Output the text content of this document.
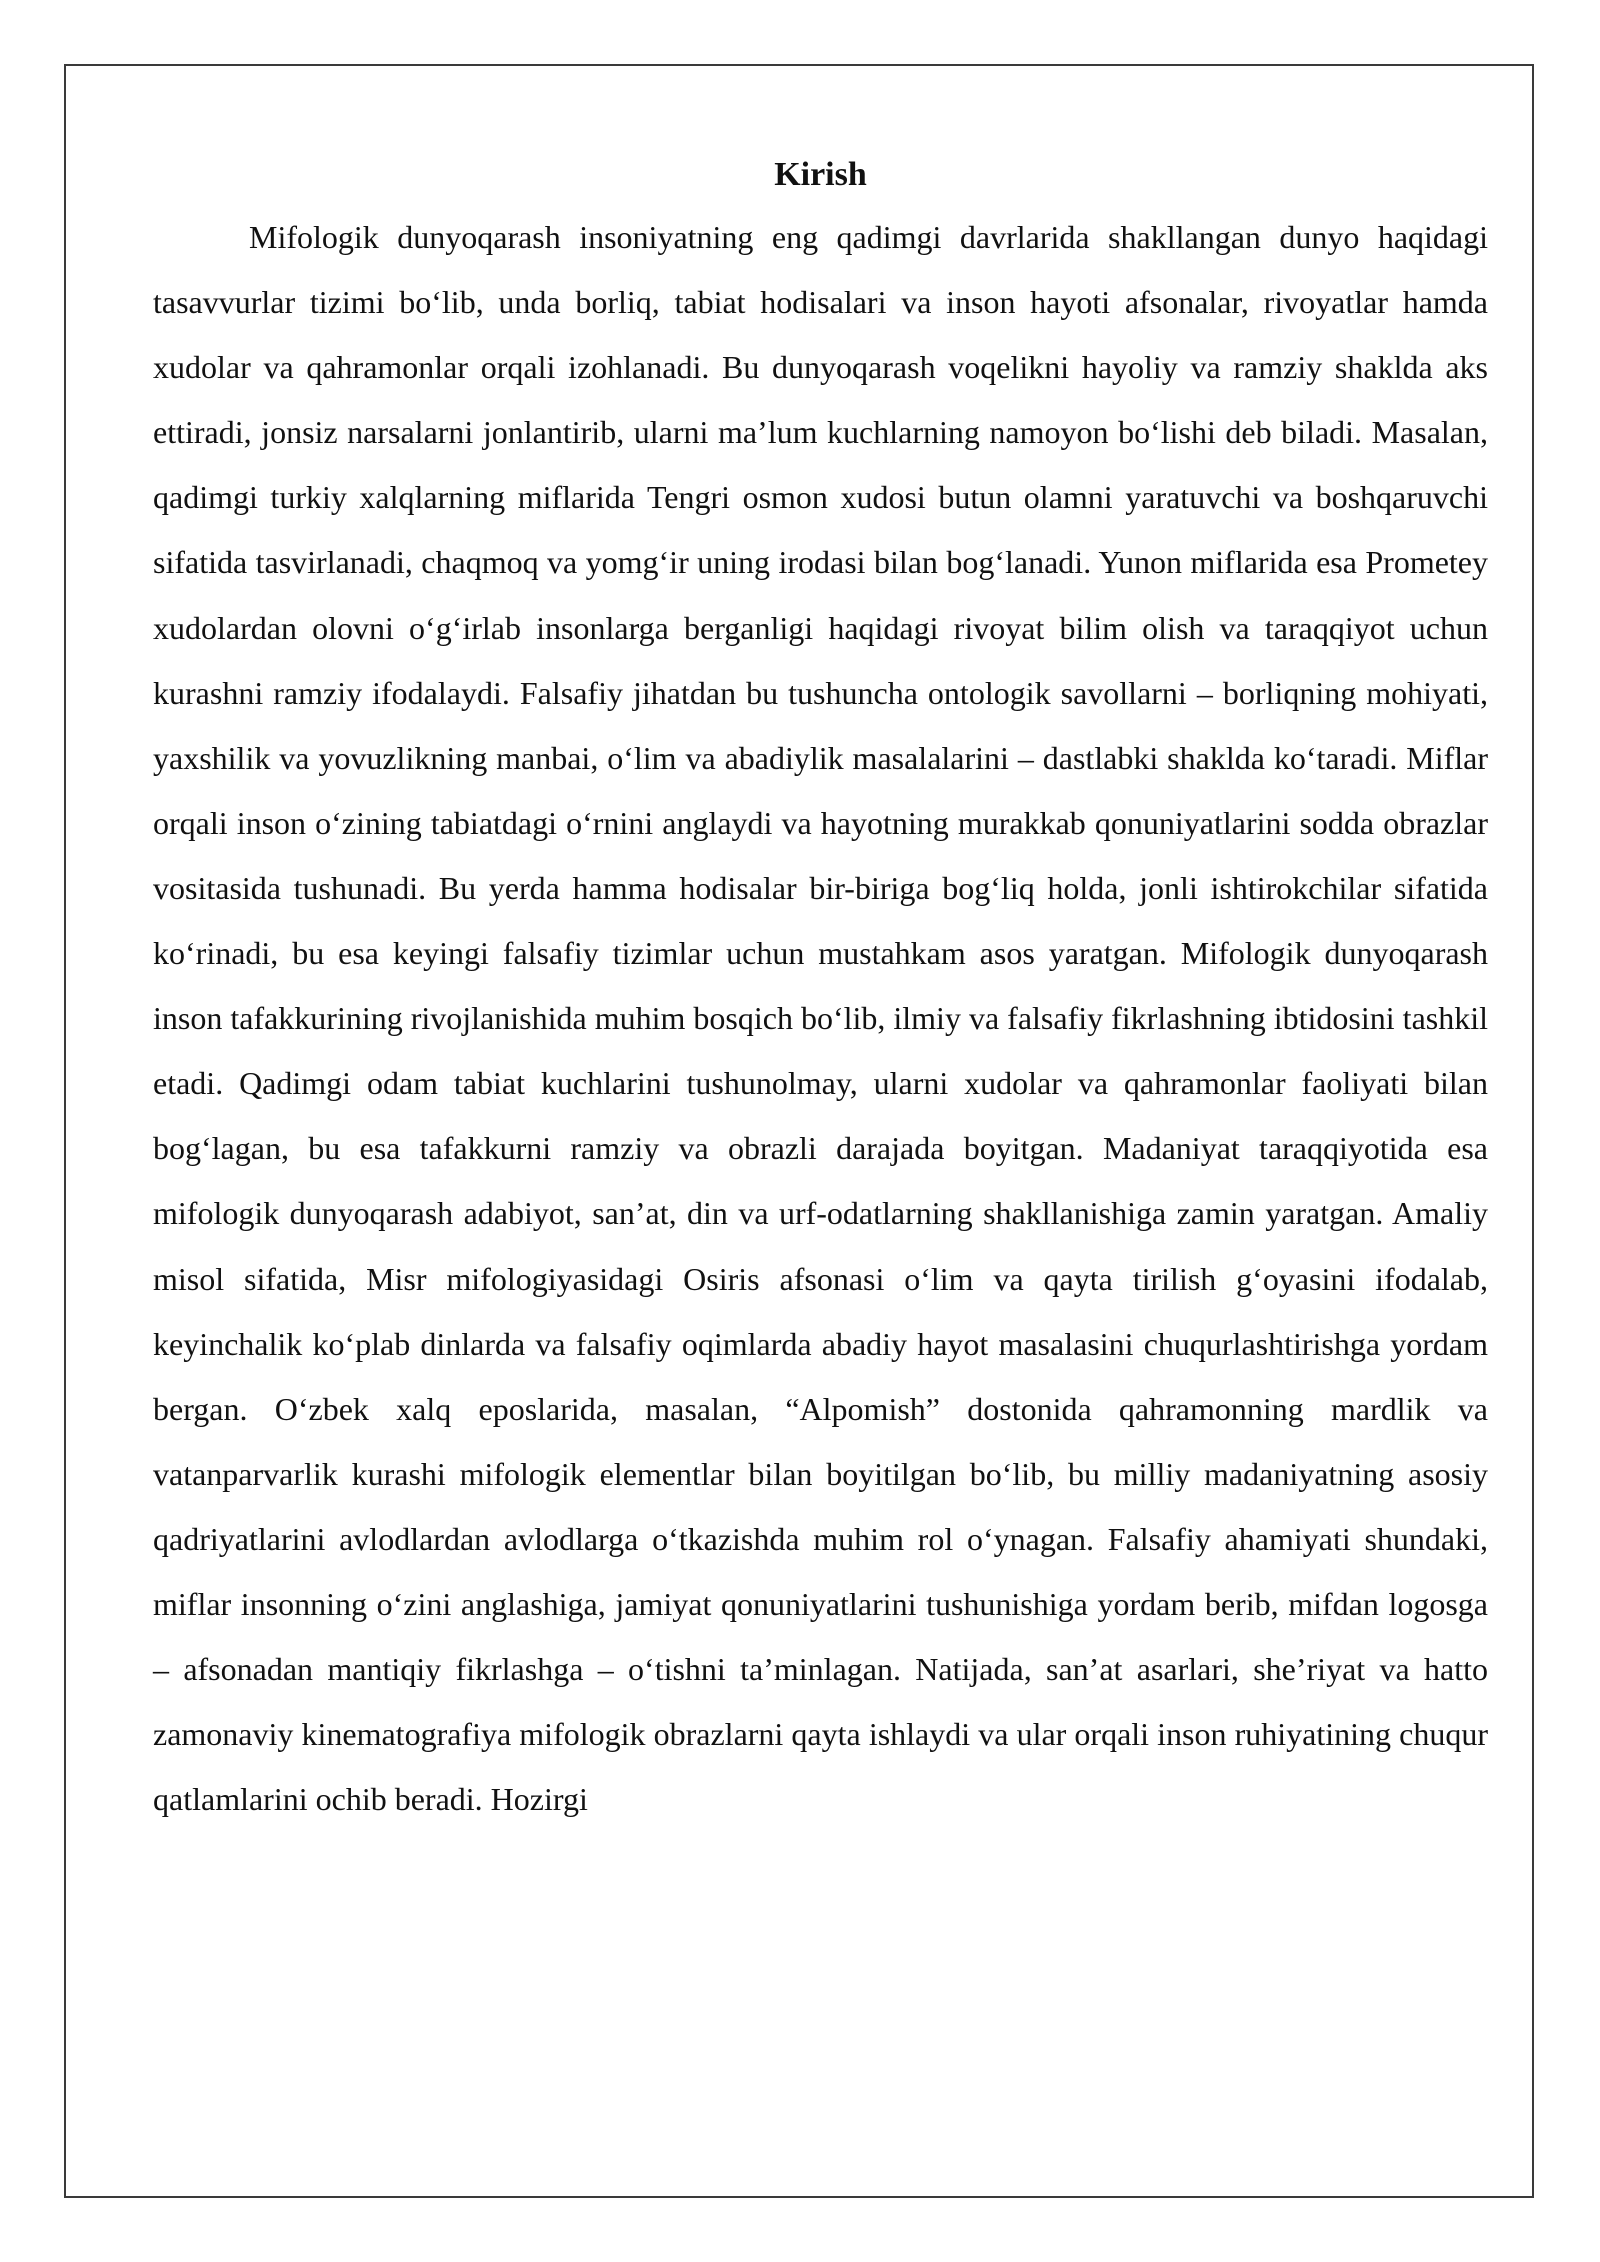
Kirish

Mifologik dunyoqarash insoniyatning eng qadimgi davrlarida shakllangan dunyo haqidagi tasavvurlar tizimi bo‘lib, unda borliq, tabiat hodisalari va inson hayoti afsonalar, rivoyatlar hamda xudolar va qahramonlar orqali izohlanadi. Bu dunyoqarash voqelikni hayoliy va ramziy shaklda aks ettiradi, jonsiz narsalarni jonlantirib, ularni ma’lum kuchlarning namoyon bo‘lishi deb biladi. Masalan, qadimgi turkiy xalqlarning miflarida Tengri osmon xudosi butun olamni yaratuvchi va boshqaruvchi sifatida tasvirlanadi, chaqmoq va yomg‘ir uning irodasi bilan bog‘lanadi. Yunon miflarida esa Prometey xudolardan olovni o‘g‘irlab insonlarga berganligi haqidagi rivoyat bilim olish va taraqqiyot uchun kurashni ramziy ifodalaydi. Falsafiy jihatdan bu tushuncha ontologik savollarni – borliqning mohiyati, yaxshilik va yovuzlikning manbai, o‘lim va abadiylik masalalarini – dastlabki shaklda ko‘taradi. Miflar orqali inson o‘zining tabiatdagi o‘rnini anglaydi va hayotning murakkab qonuniyatlarini sodda obrazlar vositasida tushunadi. Bu yerda hamma hodisalar bir-biriga bog‘liq holda, jonli ishtirokchilar sifatida ko‘rinadi, bu esa keyingi falsafiy tizimlar uchun mustahkam asos yaratgan. Mifologik dunyoqarash inson tafakkurining rivojlanishida muhim bosqich bo‘lib, ilmiy va falsafiy fikrlashning ibtidosini tashkil etadi. Qadimgi odam tabiat kuchlarini tushunolmay, ularni xudolar va qahramonlar faoliyati bilan bog‘lagan, bu esa tafakkurni ramziy va obrazli darajada boyitgan. Madaniyat taraqqiyotida esa mifologik dunyoqarash adabiyot, san’at, din va urf-odatlarning shakllanishiga zamin yaratgan. Amaliy misol sifatida, Misr mifologiyasidagi Osiris afsonasi o‘lim va qayta tirilish g‘oyasini ifodalab, keyinchalik ko‘plab dinlarda va falsafiy oqimlarda abadiy hayot masalasini chuqurlashtirishga yordam bergan. O‘zbek xalq eposlarida, masalan, “Alpomish” dostonida qahramonning mardlik va vatanparvarlik kurashi mifologik elementlar bilan boyitilgan bo‘lib, bu milliy madaniyatning asosiy qadriyatlarini avlodlardan avlodlarga o‘tkazishda muhim rol o‘ynagan. Falsafiy ahamiyati shundaki, miflar insonning o‘zini anglashiga, jamiyat qonuniyatlarini tushunishiga yordam berib, mifdan logosga – afsonadan mantiqiy fikrlashga – o‘tishni ta’minlagan. Natijada, san’at asarlari, she’riyat va hatto zamonaviy kinematografiya mifologik obrazlarni qayta ishlaydi va ular orqali inson ruhiyatining chuqur qatlamlarini ochib beradi. Hozirgi
